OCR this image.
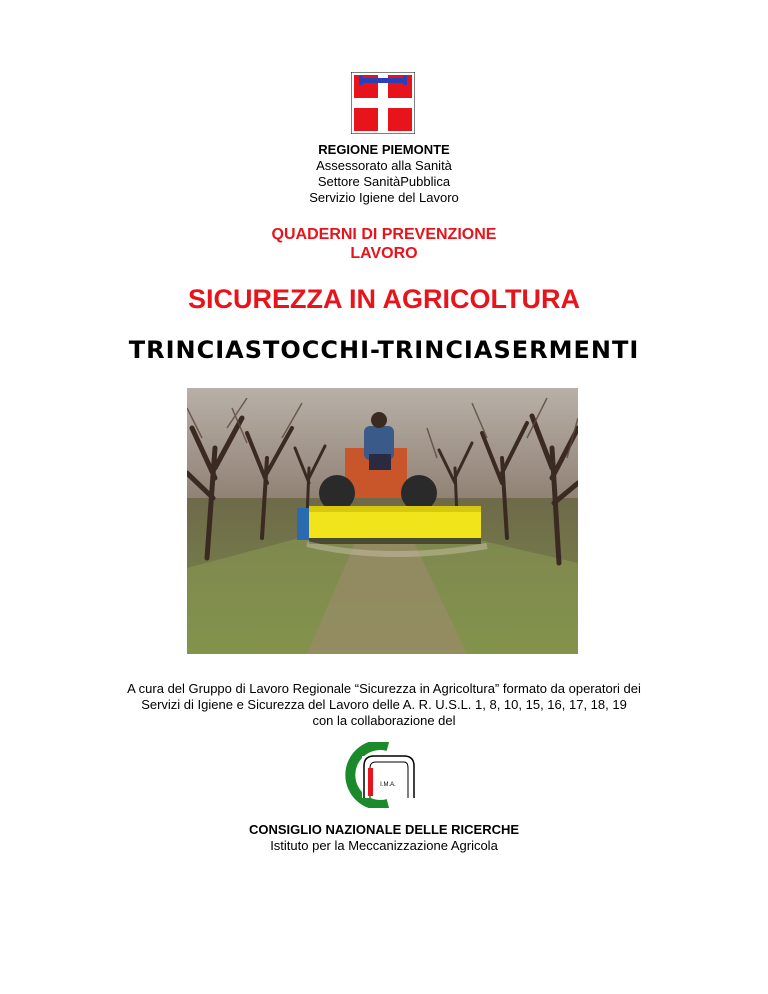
REGIONE PIEMONTE
Assessorato alla Sanità
Settore SanitàPubblica
Servizio Igiene del Lavoro
QUADERNI DI PREVENZIONE
LAVORO
SICUREZZA IN AGRICOLTURA
TRINCIASTOCCHI-TRINCIASERMENTI
A cura del Gruppo di Lavoro Regionale “Sicurezza in Agricoltura” formato da operatori dei
Servizi di Igiene e Sicurezza del Lavoro delle A. R. U.S.L. 1, 8, 10, 15, 16, 17, 18, 19
con la collaborazione del
I.M.A.
CONSIGLIO NAZIONALE DELLE RICERCHE
Istituto per la Meccanizzazione Agricola
